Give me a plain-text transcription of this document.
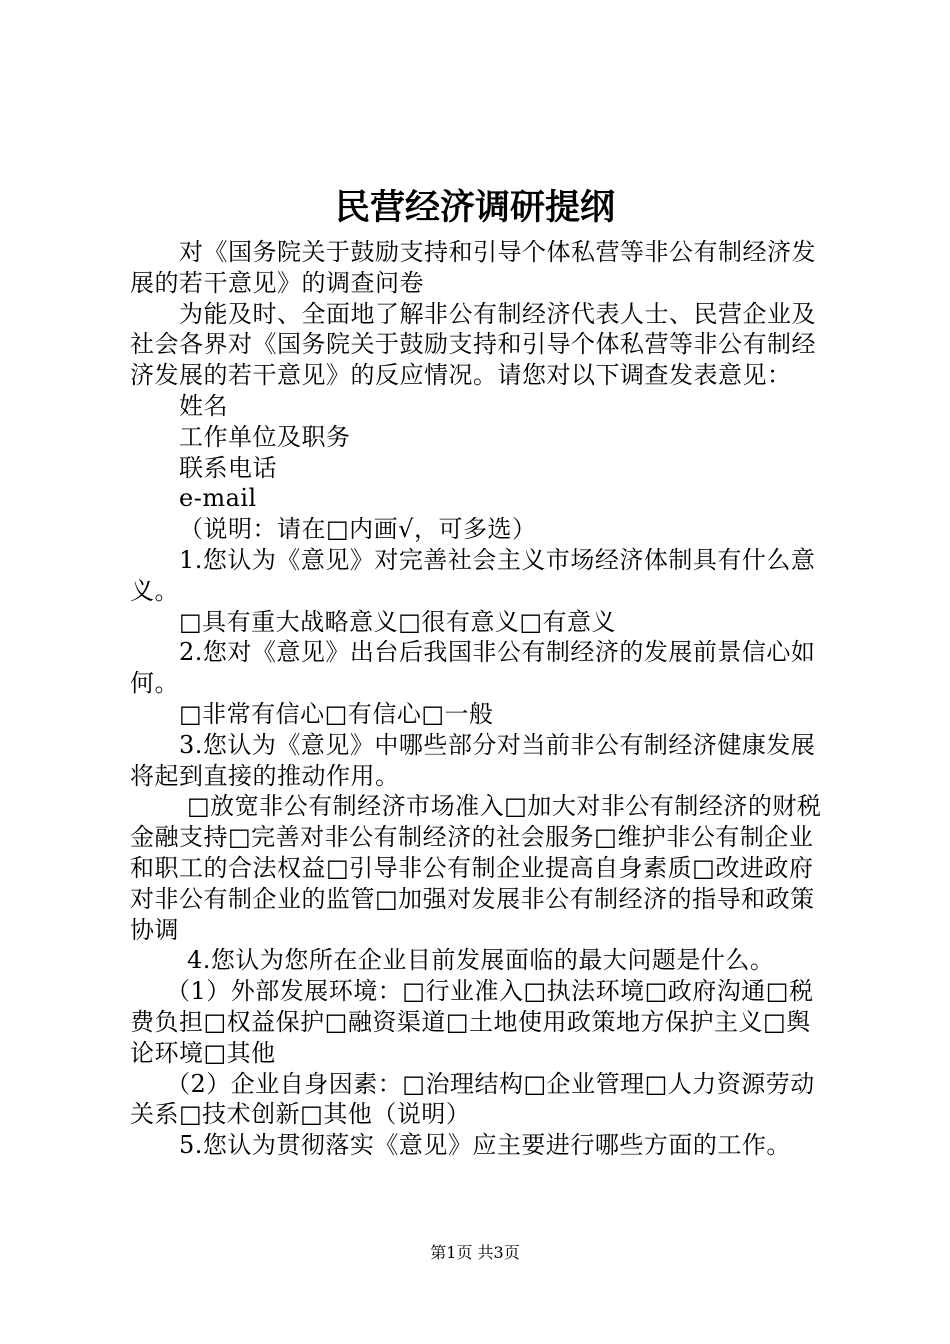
民营经济调研提纲

对《国务院关于鼓励支持和引导个体私营等非公有制经济发展的若干意见》的调查问卷

为能及时、全面地了解非公有制经济代表人士、民营企业及社会各界对《国务院关于鼓励支持和引导个体私营等非公有制经济发展的若干意见》的反应情况。请您对以下调查发表意见：

姓名

工作单位及职务

联系电话

e-mail

（说明：请在□内画√，可多选）

1.您认为《意见》对完善社会主义市场经济体制具有什么意义。

□具有重大战略意义□很有意义□有意义

2.您对《意见》出台后我国非公有制经济的发展前景信心如何。

□非常有信心□有信心□一般

3.您认为《意见》中哪些部分对当前非公有制经济健康发展将起到直接的推动作用。

□放宽非公有制经济市场准入□加大对非公有制经济的财税金融支持□完善对非公有制经济的社会服务□维护非公有制企业和职工的合法权益□引导非公有制企业提高自身素质□改进政府对非公有制企业的监管□加强对发展非公有制经济的指导和政策协调

4.您认为您所在企业目前发展面临的最大问题是什么。

（1）外部发展环境：□行业准入□执法环境□政府沟通□税费负担□权益保护□融资渠道□土地使用政策地方保护主义□舆论环境□其他

（2）企业自身因素：□治理结构□企业管理□人力资源劳动关系□技术创新□其他（说明）

5.您认为贯彻落实《意见》应主要进行哪些方面的工作。

第1页 共3页
